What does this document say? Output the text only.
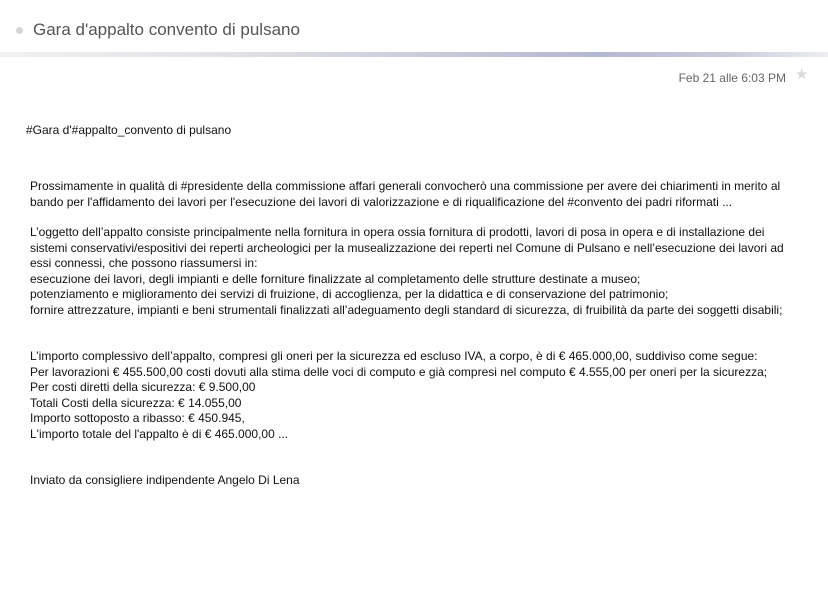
Gara d'appalto convento di pulsano
Feb 21 alle 6:03 PM ★
#Gara d'#appalto_convento di pulsano

Prossimamente in qualità di #presidente della commissione affari generali convocherò una commissione per avere dei chiarimenti in merito al bando per l'affidamento dei lavori per l'esecuzione dei lavori di valorizzazione e di riqualificazione del #convento dei padri riformati ...

L’oggetto dell’appalto consiste principalmente nella fornitura in opera ossia fornitura di prodotti, lavori di posa in opera e di installazione dei sistemi conservativi/espositivi dei reperti archeologici per la musealizzazione dei reperti nel Comune di Pulsano e nell’esecuzione dei lavori ad essi connessi, che possono riassumersi in:

esecuzione dei lavori, degli impianti e delle forniture finalizzate al completamento delle strutture destinate a museo;

potenziamento e miglioramento dei servizi di fruizione, di accoglienza, per la didattica e di conservazione del patrimonio;

fornire attrezzature, impianti e beni strumentali finalizzati all’adeguamento degli standard di sicurezza, di fruibilità da parte dei soggetti disabili;

L’importo complessivo dell’appalto, compresi gli oneri per la sicurezza ed escluso IVA, a corpo, è di € 465.000,00, suddiviso come segue:

Per lavorazioni € 455.500,00 costi dovuti alla stima delle voci di computo e già compresi nel computo € 4.555,00 per oneri per la sicurezza;

Per costi diretti della sicurezza: € 9.500,00

Totali Costi della sicurezza: € 14.055,00

Importo sottoposto a ribasso: € 450.945,

L'importo totale del l'appalto è di € 465.000,00 ...

Inviato da consigliere indipendente Angelo Di Lena
